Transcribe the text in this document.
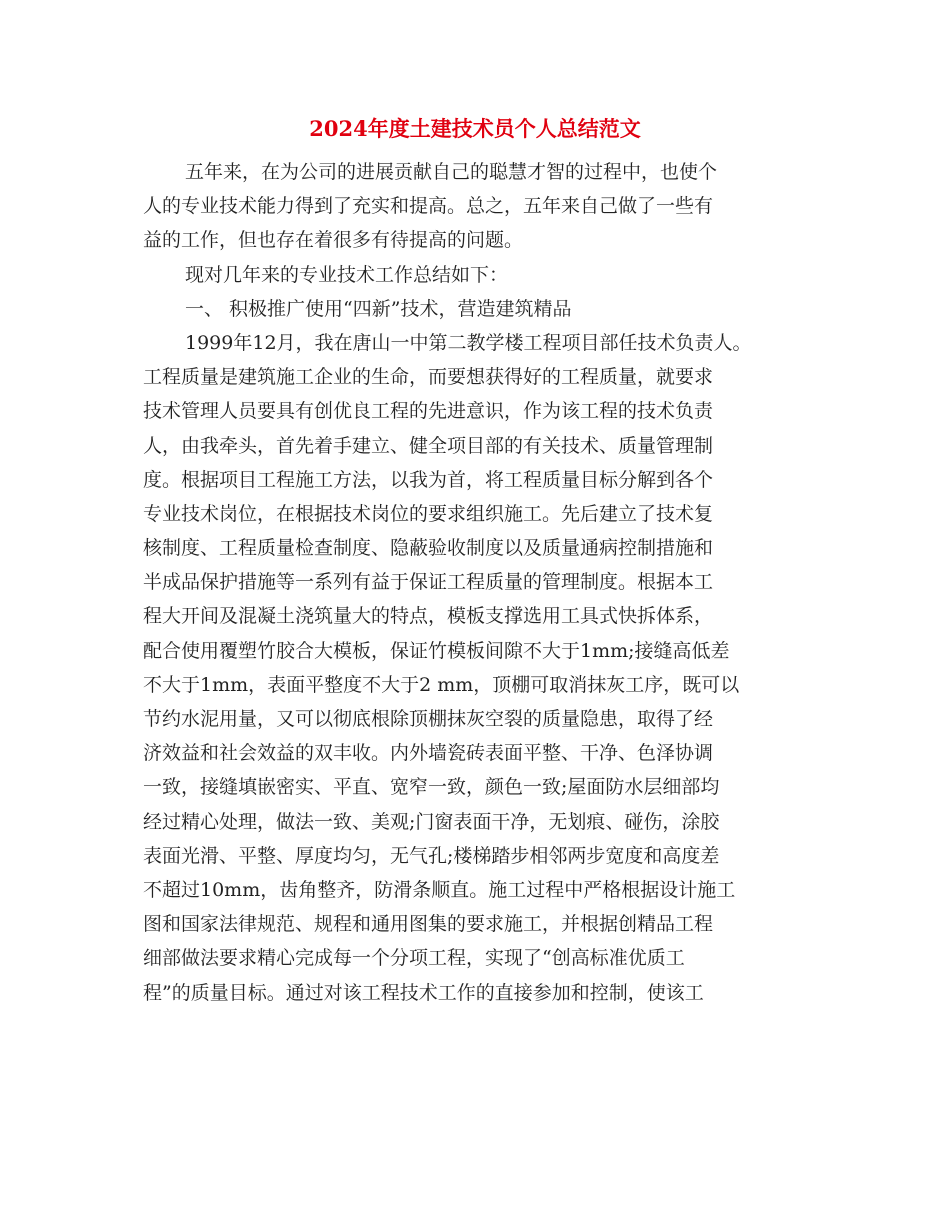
2024年度土建技术员个人总结范文
五年来，在为公司的进展贡献自己的聪慧才智的过程中，也使个
人的专业技术能力得到了充实和提高。总之，五年来自己做了一些有
益的工作，但也存在着很多有待提高的问题。
现对几年来的专业技术工作总结如下：
一、 积极推广使用“四新”技术，营造建筑精品
1999年12月，我在唐山一中第二教学楼工程项目部任技术负责人。
工程质量是建筑施工企业的生命，而要想获得好的工程质量，就要求
技术管理人员要具有创优良工程的先进意识，作为该工程的技术负责
人，由我牵头，首先着手建立、健全项目部的有关技术、质量管理制
度。根据项目工程施工方法，以我为首，将工程质量目标分解到各个
专业技术岗位，在根据技术岗位的要求组织施工。先后建立了技术复
核制度、工程质量检查制度、隐蔽验收制度以及质量通病控制措施和
半成品保护措施等一系列有益于保证工程质量的管理制度。根据本工
程大开间及混凝土浇筑量大的特点，模板支撑选用工具式快拆体系，
配合使用覆塑竹胶合大模板，保证竹模板间隙不大于1mm;接缝高低差
不大于1mm，表面平整度不大于2 mm，顶棚可取消抹灰工序，既可以
节约水泥用量，又可以彻底根除顶棚抹灰空裂的质量隐患，取得了经
济效益和社会效益的双丰收。内外墙瓷砖表面平整、干净、色泽协调
一致，接缝填嵌密实、平直、宽窄一致，颜色一致;屋面防水层细部均
经过精心处理，做法一致、美观;门窗表面干净，无划痕、碰伤，涂胶
表面光滑、平整、厚度均匀，无气孔;楼梯踏步相邻两步宽度和高度差
不超过10mm，齿角整齐，防滑条顺直。施工过程中严格根据设计施工
图和国家法律规范、规程和通用图集的要求施工，并根据创精品工程
细部做法要求精心完成每一个分项工程，实现了“创高标准优质工
程”的质量目标。通过对该工程技术工作的直接参加和控制，使该工
